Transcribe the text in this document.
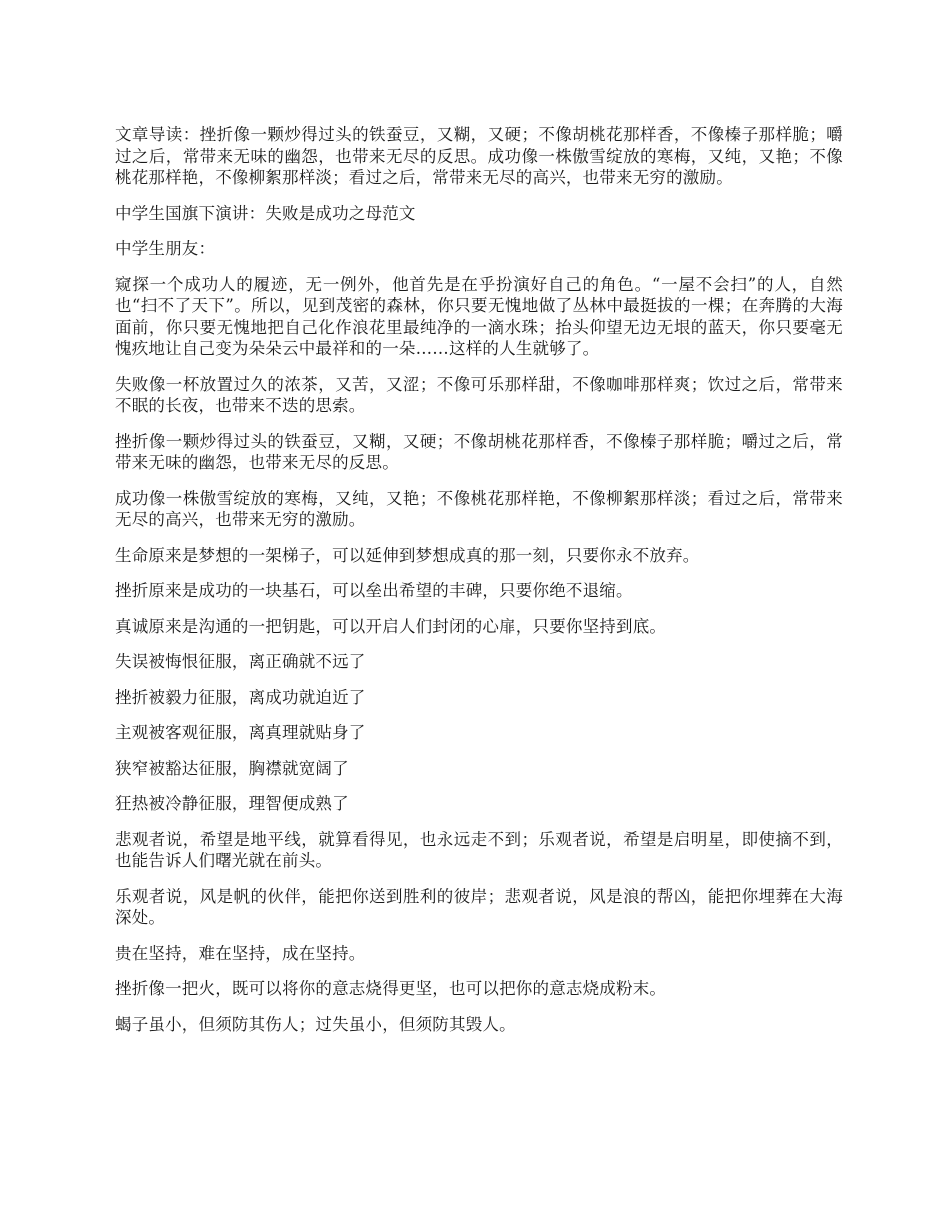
文章导读：挫折像一颗炒得过头的铁蚕豆，又糊，又硬；不像胡桃花那样香，不像榛子那样脆；嚼过之后，常带来无味的幽怨，也带来无尽的反思。成功像一株傲雪绽放的寒梅，又纯，又艳；不像桃花那样艳，不像柳絮那样淡；看过之后，常带来无尽的高兴，也带来无穷的激励。

中学生国旗下演讲：失败是成功之母范文

中学生朋友：

窥探一个成功人的履迹，无一例外，他首先是在乎扮演好自己的角色。“一屋不会扫”的人，自然也“扫不了天下”。所以，见到茂密的森林，你只要无愧地做了丛林中最挺拔的一棵；在奔腾的大海面前，你只要无愧地把自己化作浪花里最纯净的一滴水珠；抬头仰望无边无垠的蓝天，你只要毫无愧疚地让自己变为朵朵云中最祥和的一朵……这样的人生就够了。

失败像一杯放置过久的浓茶，又苦，又涩；不像可乐那样甜，不像咖啡那样爽；饮过之后，常带来不眠的长夜，也带来不迭的思索。

挫折像一颗炒得过头的铁蚕豆，又糊，又硬；不像胡桃花那样香，不像榛子那样脆；嚼过之后，常带来无味的幽怨，也带来无尽的反思。

成功像一株傲雪绽放的寒梅，又纯，又艳；不像桃花那样艳，不像柳絮那样淡；看过之后，常带来无尽的高兴，也带来无穷的激励。

生命原来是梦想的一架梯子，可以延伸到梦想成真的那一刻，只要你永不放弃。

挫折原来是成功的一块基石，可以垒出希望的丰碑，只要你绝不退缩。

真诚原来是沟通的一把钥匙，可以开启人们封闭的心扉，只要你坚持到底。

失误被悔恨征服，离正确就不远了

挫折被毅力征服，离成功就迫近了

主观被客观征服，离真理就贴身了

狭窄被豁达征服，胸襟就宽阔了

狂热被冷静征服，理智便成熟了

悲观者说，希望是地平线，就算看得见，也永远走不到；乐观者说，希望是启明星，即使摘不到，也能告诉人们曙光就在前头。

乐观者说，风是帆的伙伴，能把你送到胜利的彼岸；悲观者说，风是浪的帮凶，能把你埋葬在大海深处。

贵在坚持，难在坚持，成在坚持。

挫折像一把火，既可以将你的意志烧得更坚，也可以把你的意志烧成粉末。

蝎子虽小，但须防其伤人；过失虽小，但须防其毁人。
